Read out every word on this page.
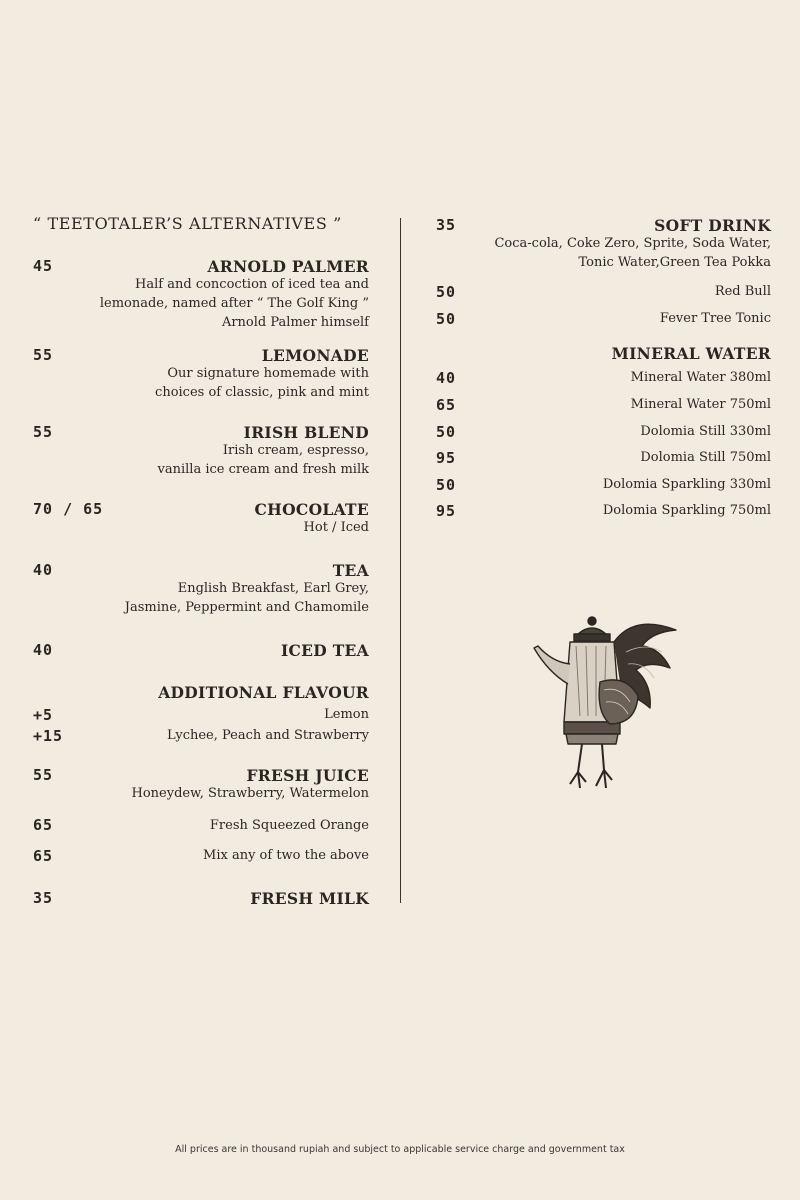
“ TEETOTALER’S ALTERNATIVES ”
45	ARNOLD PALMER
Half and concoction of iced tea and
lemonade, named after “ The Golf King ”
Arnold Palmer himself
55	LEMONADE
Our signature homemade with
choices of classic, pink and mint
55	IRISH BLEND
Irish cream, espresso,
vanilla ice cream and fresh milk
70 / 65	CHOCOLATE
Hot / Iced
40	TEA
English Breakfast, Earl Grey,
Jasmine, Peppermint and Chamomile
40	ICED TEA
ADDITIONAL FLAVOUR
+5	Lemon
+15	Lychee, Peach and Strawberry
55	FRESH JUICE
Honeydew, Strawberry, Watermelon
65	Fresh Squeezed Orange
65	Mix any of two the above
35	FRESH MILK
35	SOFT DRINK
Coca-cola, Coke Zero, Sprite, Soda Water,
Tonic Water,Green Tea Pokka
50	Red Bull
50	Fever Tree Tonic
MINERAL WATER
40	Mineral Water 380ml
65	Mineral Water 750ml
50	Dolomia Still 330ml
95	Dolomia Still 750ml
50	Dolomia Sparkling 330ml
95	Dolomia Sparkling 750ml
All prices are in thousand rupiah and subject to applicable service charge and government tax
